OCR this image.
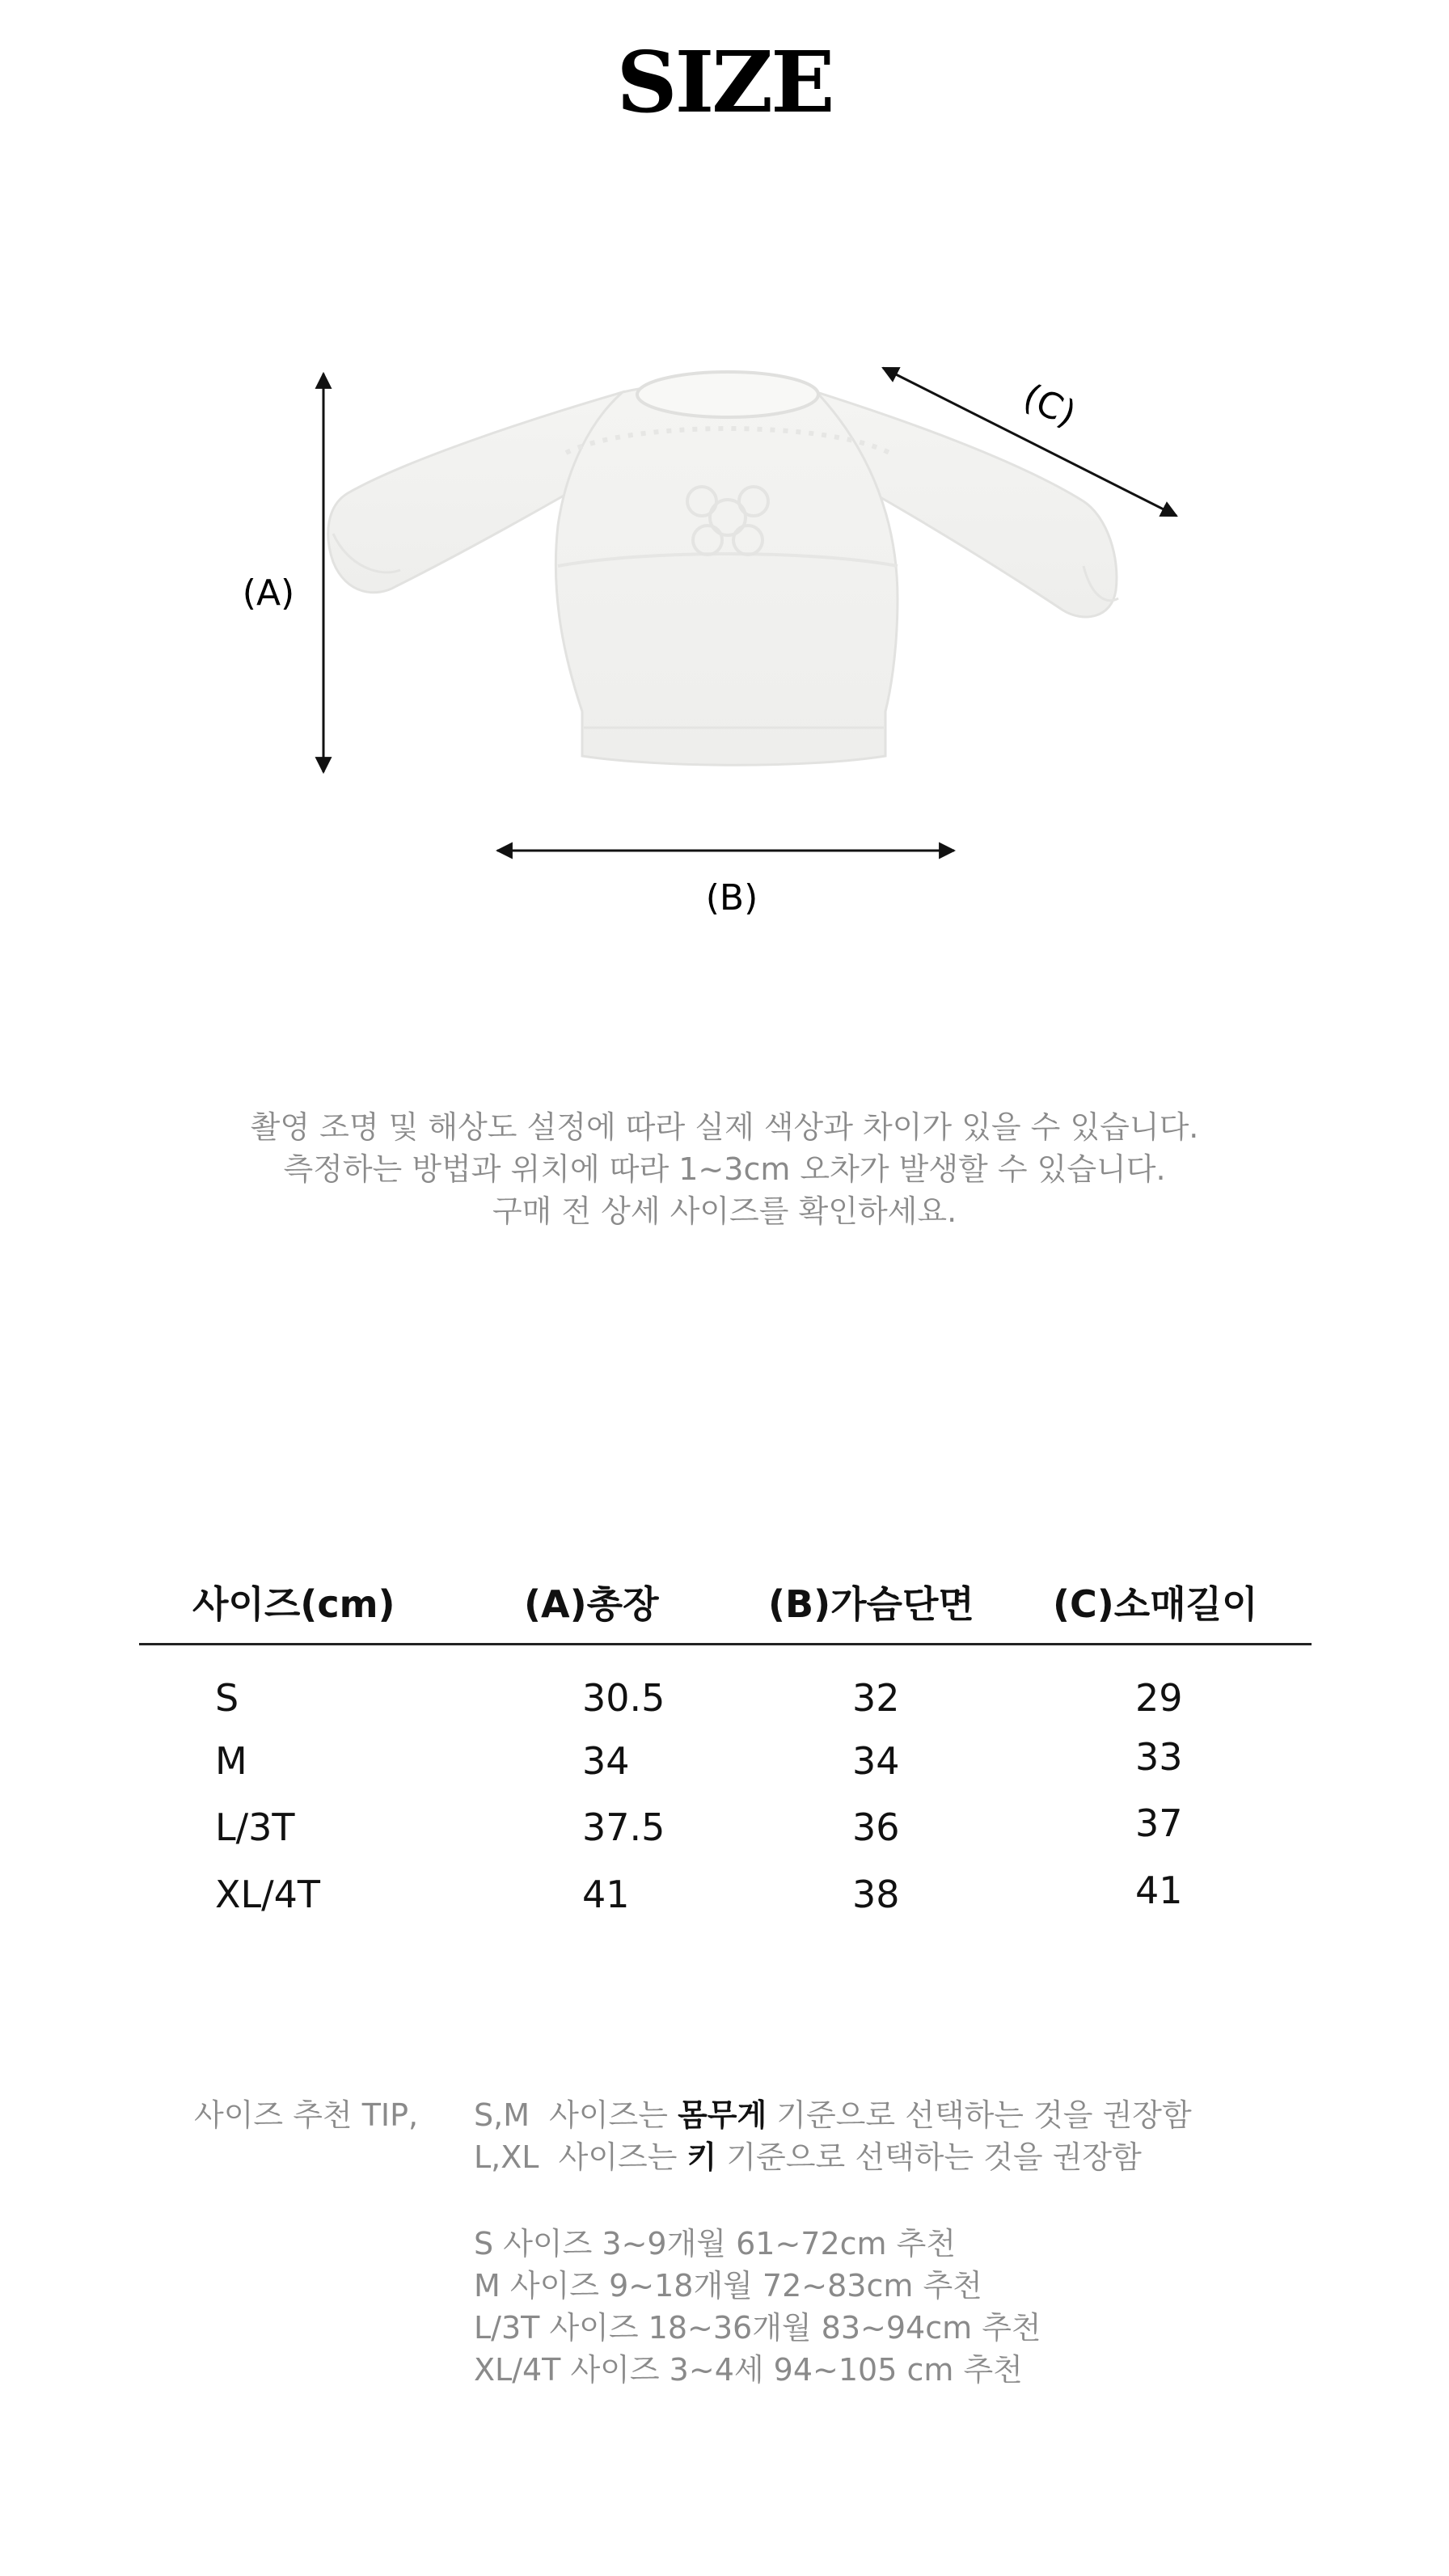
SIZE
(A)
(B)
(C)
촬영 조명 및 해상도 설정에 따라 실제 색상과 차이가 있을 수 있습니다.
측정하는 방법과 위치에 따라 1~3cm 오차가 발생할 수 있습니다.
구매 전 상세 사이즈를 확인하세요.
사이즈(cm)	(A)총장	(B)가슴단면 (C)소매길이
S	30.5	32	29
M	34	34	33
L/3T	37.5	36	37
XL/4T	41	38	41
사이즈 추천 TIP, S,M  사이즈는 몸무게 기준으로 선택하는 것을 권장함
L,XL  사이즈는 키 기준으로 선택하는 것을 권장함
S 사이즈 3~9개월 61~72cm 추천
M 사이즈 9~18개월 72~83cm 추천
L/3T 사이즈 18~36개월 83~94cm 추천
XL/4T 사이즈 3~4세 94~105 cm 추천
